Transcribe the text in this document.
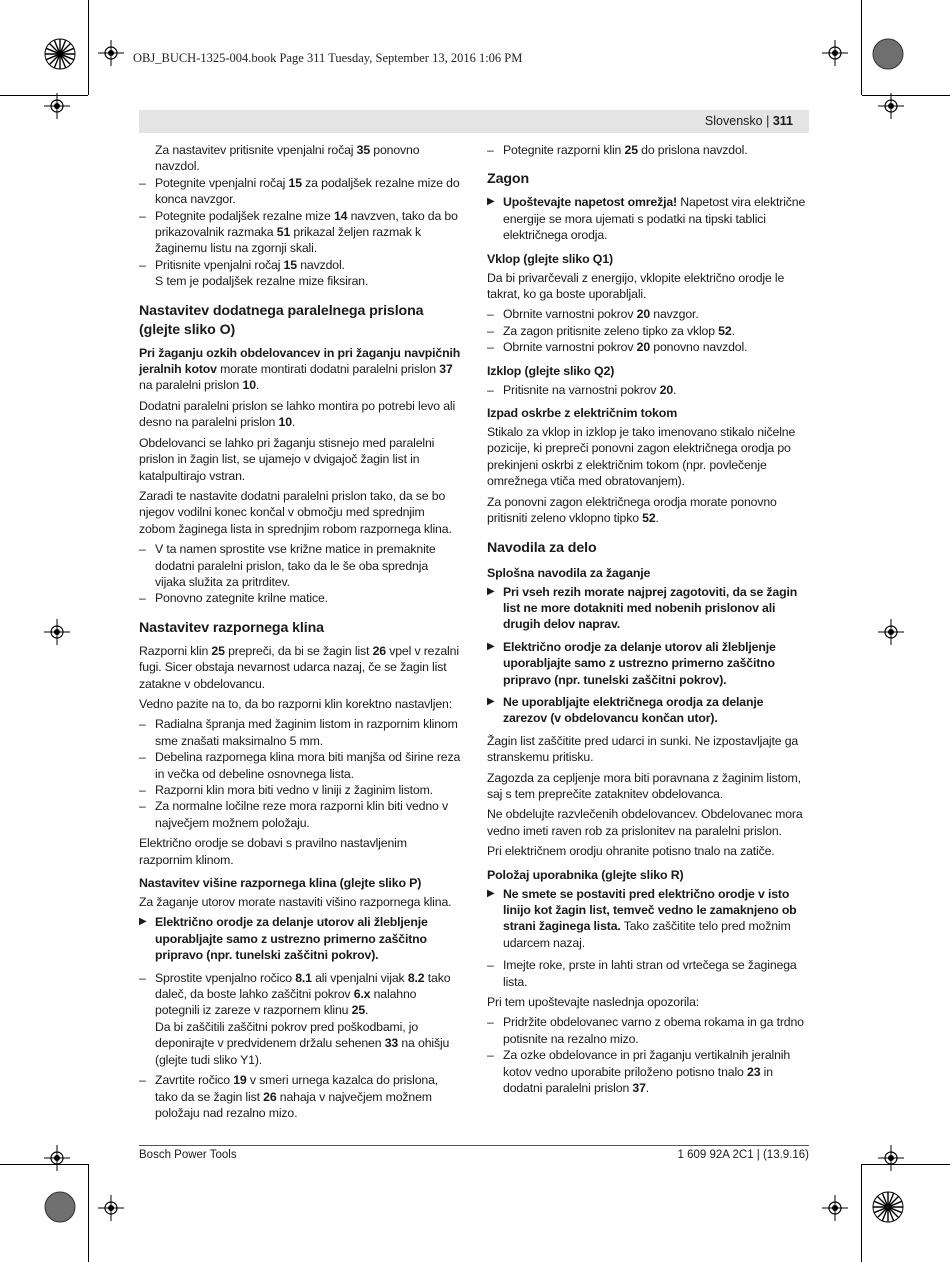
OBJ_BUCH-1325-004.book Page 311 Tuesday, September 13, 2016 1:06 PM
Slovensko | 311
Za nastavitev pritisnite vpenjalni ročaj 35 ponovno navzdol.
– Potegnite vpenjalni ročaj 15 za podaljšek rezalne mize do konca navzgor.
– Potegnite podaljšek rezalne mize 14 navzven, tako da bo prikazovalnik razmaka 51 prikazal željen razmak k žaginemu listu na zgornji skali.
– Pritisnite vpenjalni ročaj 15 navzdol.
S tem je podaljšek rezalne mize fiksiran.
Nastavitev dodatnega paralelnega prislona (glejte sliko O)

Pri žaganju ozkih obdelovancev in pri žaganju navpičnih jeralnih kotov morate montirati dodatni paralelni prislon 37 na paralelni prislon 10.

Dodatni paralelni prislon se lahko montira po potrebi levo ali desno na paralelni prislon 10.

Obdelovanci se lahko pri žaganju stisnejo med paralelni prislon in žagin list, se ujamejo v dvigajoč žagin list in katalpultirajo vstran.

Zaradi te nastavite dodatni paralelni prislon tako, da se bo njegov vodilni konec končal v območju med sprednjim zobom žaginega lista in sprednjim robom razpornega klina.

– V ta namen sprostite vse križne matice in premaknite dodatni paralelni prislon, tako da le še oba sprednja vijaka služita za pritrditev.
– Ponovno zategnite krilne matice.
Nastavitev razpornega klina

Razporni klin 25 prepreči, da bi se žagin list 26 vpel v rezalni fugi. Sicer obstaja nevarnost udarca nazaj, če se žagin list zatakne v obdelovancu.

Vedno pazite na to, da bo razporni klin korektno nastavljen:

– Radialna špranja med žaginim listom in razpornim klinom sme znašati maksimalno 5 mm.
– Debelina razpornega klina mora biti manjša od širine reza in večka od debeline osnovnega lista.
– Razporni klin mora biti vedno v liniji z žaginim listom.
– Za normalne ločilne reze mora razporni klin biti vedno v največjem možnem položaju.

Električno orodje se dobavi s pravilno nastavljenim razpornim klinom.

Nastavitev višine razpornega klina (glejte sliko P)

Za žaganje utorov morate nastaviti višino razpornega klina.

▶ Električno orodje za delanje utorov ali žlebljenje uporabljajte samo z ustrezno primerno zaščitno pripravo (npr. tunelski zaščitni pokrov).
– Sprostite vpenjalno ročico 8.1 ali vpenjalni vijak 8.2 tako daleč, da boste lahko zaščitni pokrov 6.x nalahno potegnili iz zareze v razpornem klinu 25.
Da bi zaščitili zaščitni pokrov pred poškodbami, jo deponirajte v predvidenem držalu sehenen 33 na ohišju (glejte tudi sliko Y1).
– Zavrtite ročico 19 v smeri urnega kazalca do prislona, tako da se žagin list 26 nahaja v največjem možnem položaju nad rezalno mizo.
– Potegnite razporni klin 25 do prislona navzdol.
Zagon
▶ Upoštevajte napetost omrežja! Napetost vira električne energije se mora ujemati s podatki na tipski tablici električnega orodja.
Vklop (glejte sliko Q1)

Da bi privarčevali z energijo, vklopite električno orodje le takrat, ko ga boste uporabljali.

– Obrnite varnostni pokrov 20 navzgor.
– Za zagon pritisnite zeleno tipko za vklop 52.
– Obrnite varnostni pokrov 20 ponovno navzdol.
Izklop (glejte sliko Q2)
– Pritisnite na varnostni pokrov 20.
Izpad oskrbe z električnim tokom

Stikalo za vklop in izklop je tako imenovano stikalo ničelne pozicije, ki prepreči ponovni zagon električnega orodja po prekinjeni oskrbi z električnim tokom (npr. povlečenje omrežnega vtiča med obratovanjem).

Za ponovni zagon električnega orodja morate ponovno pritisniti zeleno vklopno tipko 52.

Navodila za delo
Splošna navodila za žaganje
▶ Pri vseh rezih morate najprej zagotoviti, da se žagin list ne more dotakniti med nobenih prislonov ali drugih delov naprav.
▶ Električno orodje za delanje utorov ali žlebljenje uporabljajte samo z ustrezno primerno zaščitno pripravo (npr. tunelski zaščitni pokrov).
▶ Ne uporabljajte električnega orodja za delanje zarezov (v obdelovancu končan utor).

Žagin list zaščitite pred udarci in sunki. Ne izpostavljajte ga stranskemu pritisku.

Zagozda za cepljenje mora biti poravnana z žaginim listom, saj s tem preprečite zataknitev obdelovanca.

Ne obdelujte razvlečenih obdelovancev. Obdelovanec mora vedno imeti raven rob za prislonitev na paralelni prislon.

Pri električnem orodju ohranite potisno tnalo na zatiče.

Položaj uporabnika (glejte sliko R)
▶ Ne smete se postaviti pred električno orodje v isto linijo kot žagin list, temveč vedno le zamaknjeno ob strani žaginega lista. Tako zaščitite telo pred možnim udarcem nazaj.
– Imejte roke, prste in lahti stran od vrtečega se žaginega lista.

Pri tem upoštevajte naslednja opozorila:

– Pridržite obdelovanec varno z obema rokama in ga trdno potisnite na rezalno mizo.
– Za ozke obdelovance in pri žaganju vertikalnih jeralnih kotov vedno uporabite priloženo potisno tnalo 23 in dodatni paralelni prislon 37.
Bosch Power Tools	1 609 92A 2C1 | (13.9.16)
